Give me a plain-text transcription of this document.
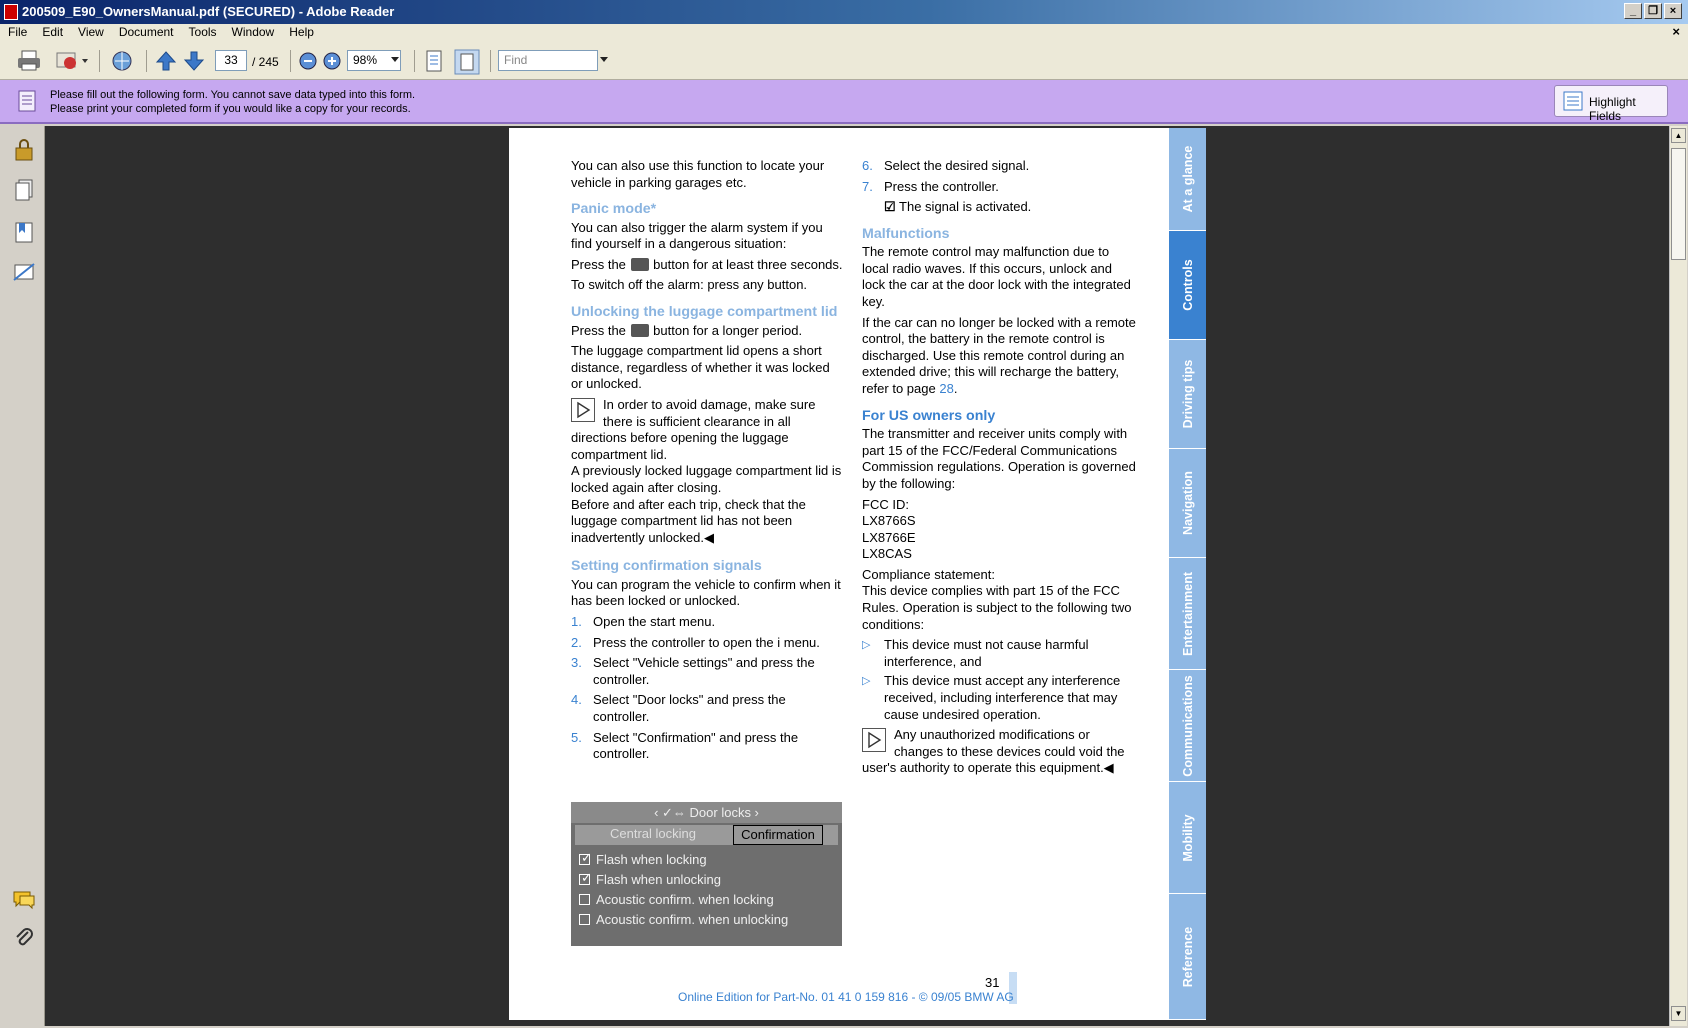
200509_E90_OwnersManual.pdf (SECURED) - Adobe Reader	_	❐	×
File Edit View Document Tools Window Help	×
33	/ 245	98%	Find
Please fill out the following form. You cannot save data typed into this form.
Please print your completed form if you would like a copy for your records.	Highlight Fields
▲
▼

You can also use this function to locate your vehicle in parking garages etc.

Panic mode*

You can also trigger the alarm system if you find yourself in a dangerous situation:

Press the button for at least three seconds.

To switch off the alarm: press any button.

Unlocking the luggage compartment lid

Press the button for a longer period.

The luggage compartment lid opens a short distance, regardless of whether it was locked or unlocked.

In order to avoid damage, make sure there is sufficient clearance in all directions before opening the luggage compartment lid.
A previously locked luggage compartment lid is locked again after closing.
Before and after each trip, check that the luggage compartment lid has not been inadvertently unlocked.◀
Setting confirmation signals

You can program the vehicle to confirm when it has been locked or unlocked.

1. Open the start menu.
2. Press the controller to open the i menu.
3. Select "Vehicle settings" and press the controller.
4. Select "Door locks" and press the controller.
5. Select "Confirmation" and press the controller.
‹ ✓⇔ Door locks ›
Central locking	Confirmation
✓Flash when locking
✓Flash when unlocking
Acoustic confirm. when locking
Acoustic confirm. when unlocking
6. Select the desired signal.
7. Press the controller.

☑ The signal is activated.

Malfunctions

The remote control may malfunction due to local radio waves. If this occurs, unlock and lock the car at the door lock with the integrated key.

If the car can no longer be locked with a remote control, the battery in the remote control is discharged. Use this remote control during an extended drive; this will recharge the battery, refer to page 28.

For US owners only

The transmitter and receiver units comply with part 15 of the FCC/Federal Communications Commission regulations. Operation is governed by the following:

FCC ID:
LX8766S
LX8766E
LX8CAS

Compliance statement:

This device complies with part 15 of the FCC Rules. Operation is subject to the following two conditions:

▷ This device must not cause harmful interference, and
▷ This device must accept any interference received, including interference that may cause undesired operation.
Any unauthorized modifications or changes to these devices could void the user's authority to operate this equipment.◀
At a glance
Controls
Driving tips
Navigation
Entertainment
Communications
Mobility
Reference
31
Online Edition for Part-No. 01 41 0 159 816 - © 09/05 BMW AG
